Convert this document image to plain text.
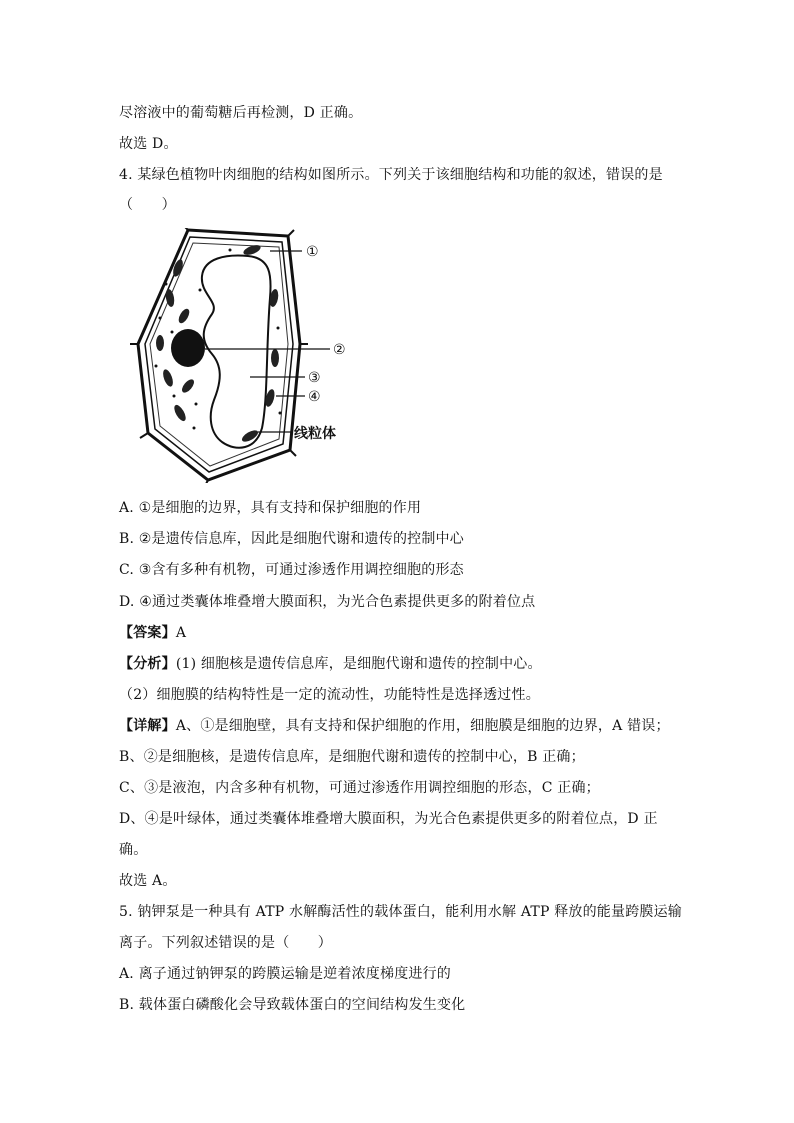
尽溶液中的葡萄糖后再检测，D 正确。
故选 D。
4. 某绿色植物叶肉细胞的结构如图所示。下列关于该细胞结构和功能的叙述，错误的是
（　　）
①
②
③
④
线粒体
A. ①是细胞的边界，具有支持和保护细胞的作用
B. ②是遗传信息库，因此是细胞代谢和遗传的控制中心
C. ③含有多种有机物，可通过渗透作用调控细胞的形态
D. ④通过类囊体堆叠增大膜面积，为光合色素提供更多的附着位点
【答案】A
【分析】(1) 细胞核是遗传信息库，是细胞代谢和遗传的控制中心。
（2）细胞膜的结构特性是一定的流动性，功能特性是选择透过性。
【详解】A、①是细胞壁，具有支持和保护细胞的作用，细胞膜是细胞的边界，A 错误；
B、②是细胞核，是遗传信息库，是细胞代谢和遗传的控制中心，B 正确；
C、③是液泡，内含多种有机物，可通过渗透作用调控细胞的形态，C 正确；
D、④是叶绿体，通过类囊体堆叠增大膜面积，为光合色素提供更多的附着位点，D 正
确。
故选 A。
5. 钠钾泵是一种具有 ATP 水解酶活性的载体蛋白，能利用水解 ATP 释放的能量跨膜运输
离子。下列叙述错误的是（　　）
A. 离子通过钠钾泵的跨膜运输是逆着浓度梯度进行的
B. 载体蛋白磷酸化会导致载体蛋白的空间结构发生变化
